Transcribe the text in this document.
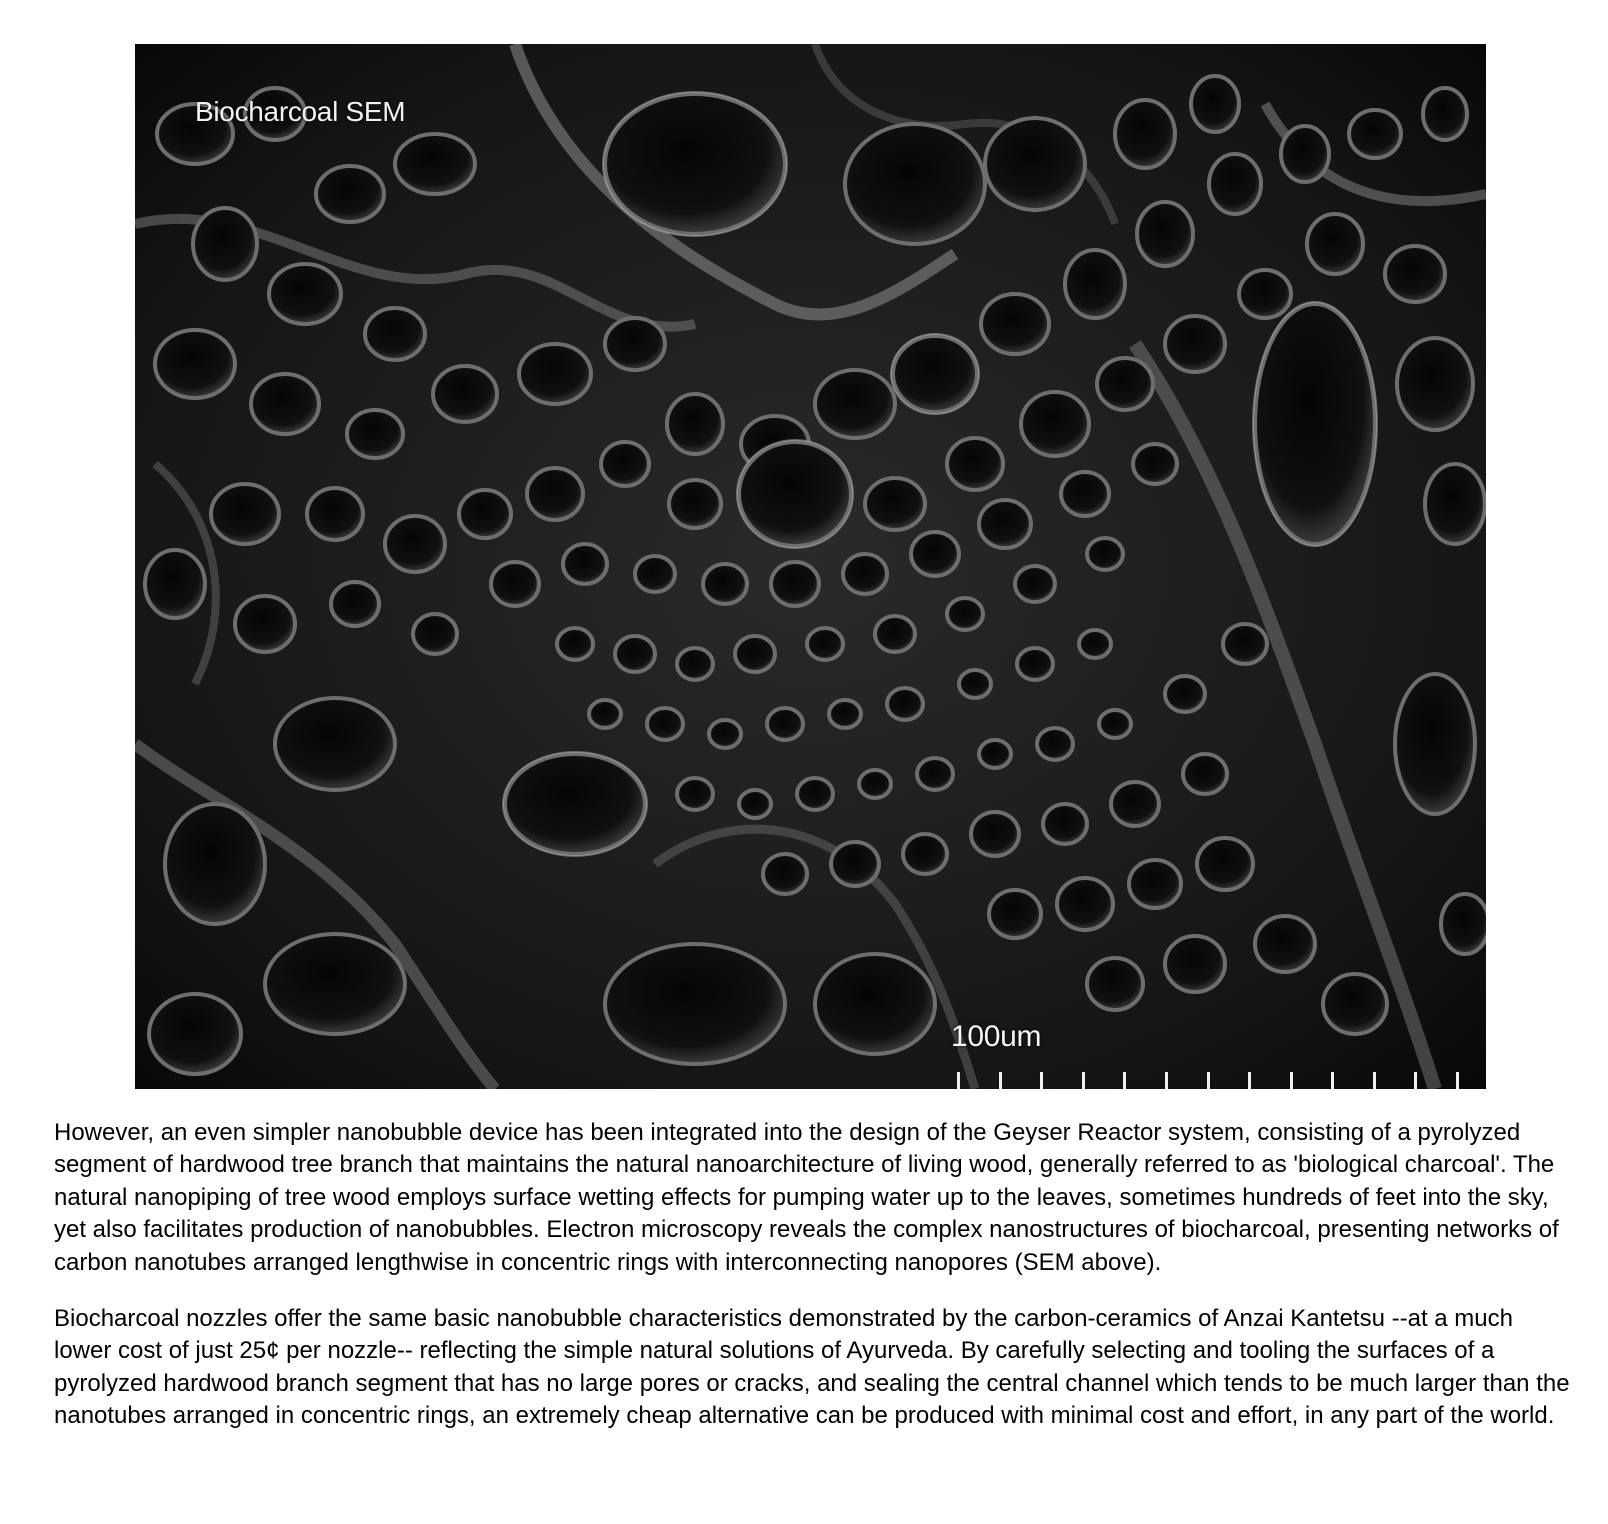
Biocharcoal SEM
100um

However, an even simpler nanobubble device has been integrated into the design of the Geyser Reactor system, consisting of a pyrolyzed segment of hardwood tree branch that maintains the natural nanoarchitecture of living wood, generally referred to as 'biological charcoal'. The natural nanopiping of tree wood employs surface wetting effects for pumping water up to the leaves, sometimes hundreds of feet into the sky, yet also facilitates production of nanobubbles. Electron microscopy reveals the complex nanostructures of biocharcoal, presenting networks of carbon nanotubes arranged lengthwise in concentric rings with interconnecting nanopores (SEM above).

Biocharcoal nozzles offer the same basic nanobubble characteristics demonstrated by the carbon-ceramics of Anzai Kantetsu --at a much lower cost of just 25¢ per nozzle-- reflecting the simple natural solutions of Ayurveda. By carefully selecting and tooling the surfaces of a pyrolyzed hardwood branch segment that has no large pores or cracks, and sealing the central channel which tends to be much larger than the nanotubes arranged in concentric rings, an extremely cheap alternative can be produced with minimal cost and effort, in any part of the world.
